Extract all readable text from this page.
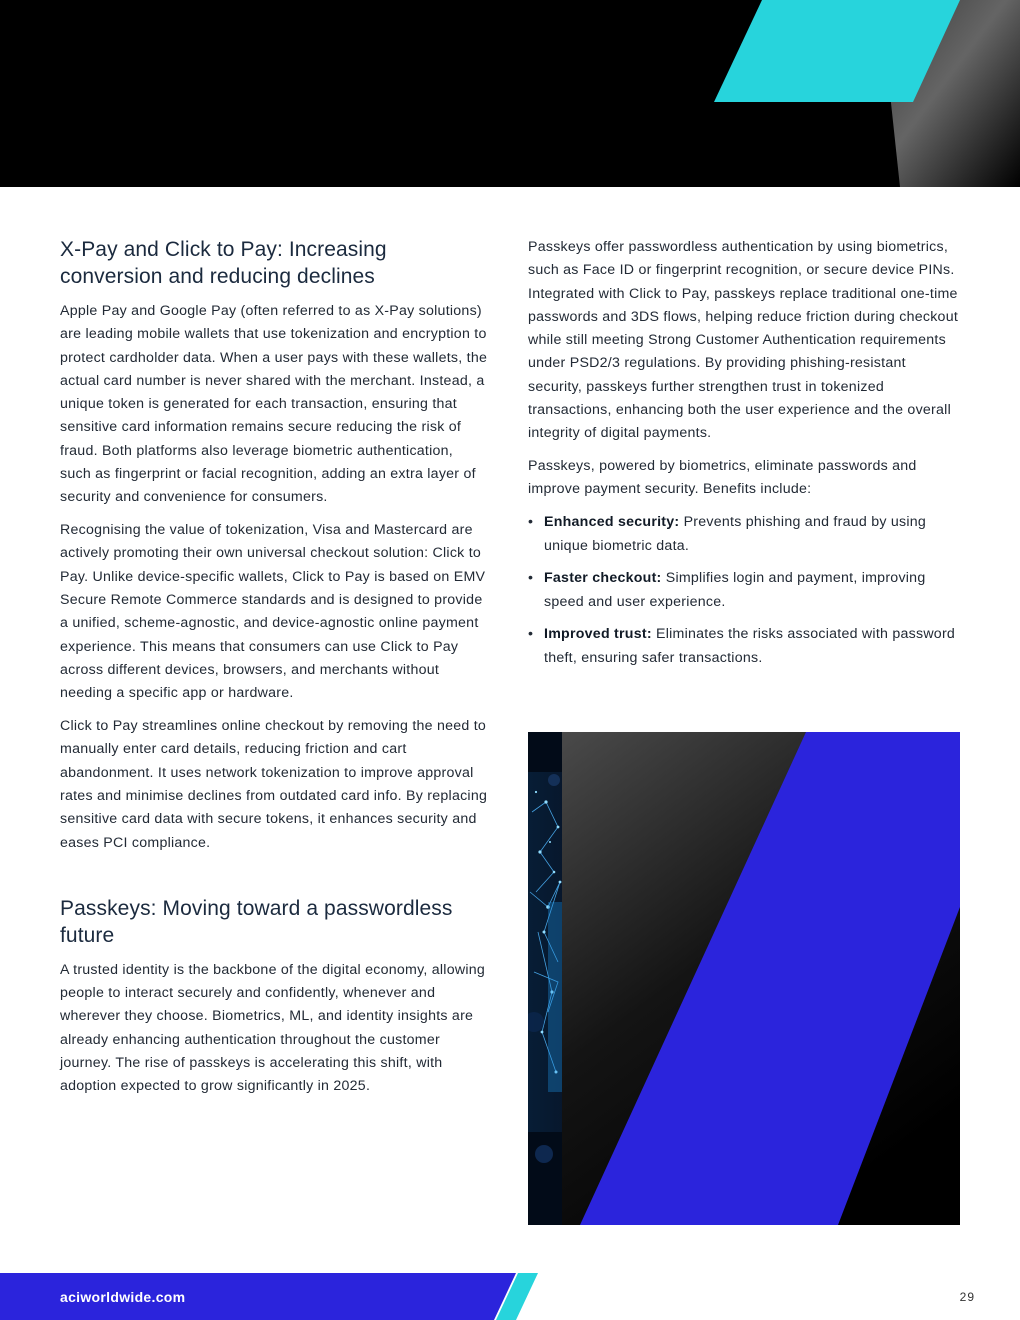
X-Pay and Click to Pay: Increasing conversion and reducing declines

Apple Pay and Google Pay (often referred to as X-Pay solutions) are leading mobile wallets that use tokenization and encryption to protect cardholder data. When a user pays with these wallets, the actual card number is never shared with the merchant. Instead, a unique token is generated for each transaction, ensuring that sensitive card information remains secure reducing the risk of fraud. Both platforms also leverage biometric authentication, such as fingerprint or facial recognition, adding an extra layer of security and convenience for consumers.

Recognising the value of tokenization, Visa and Mastercard are actively promoting their own universal checkout solution: Click to Pay. Unlike device-specific wallets, Click to Pay is based on EMV Secure Remote Commerce standards and is designed to provide a unified, scheme-agnostic, and device-agnostic online payment experience. This means that consumers can use Click to Pay across different devices, browsers, and merchants without needing a specific app or hardware.

Click to Pay streamlines online checkout by removing the need to manually enter card details, reducing friction and cart abandonment. It uses network tokenization to improve approval rates and minimise declines from outdated card info. By replacing sensitive card data with secure tokens, it enhances security and eases PCI compliance.

Passkeys: Moving toward a passwordless future

A trusted identity is the backbone of the digital economy, allowing people to interact securely and confidently, whenever and wherever they choose. Biometrics, ML, and identity insights are already enhancing authentication throughout the customer journey. The rise of passkeys is accelerating this shift, with adoption expected to grow significantly in 2025.

Passkeys offer passwordless authentication by using biometrics, such as Face ID or fingerprint recognition, or secure device PINs. Integrated with Click to Pay, passkeys replace traditional one-time passwords and 3DS flows, helping reduce friction during checkout while still meeting Strong Customer Authentication requirements under PSD2/3 regulations. By providing phishing-resistant security, passkeys further strengthen trust in tokenized transactions, enhancing both the user experience and the overall integrity of digital payments.

Passkeys, powered by biometrics, eliminate passwords and improve payment security. Benefits include:

• Enhanced security: Prevents phishing and fraud by using unique biometric data.
• Faster checkout: Simplifies login and payment, improving speed and user experience.
• Improved trust: Eliminates the risks associated with password theft, ensuring safer transactions.
aciworldwide.com	29
